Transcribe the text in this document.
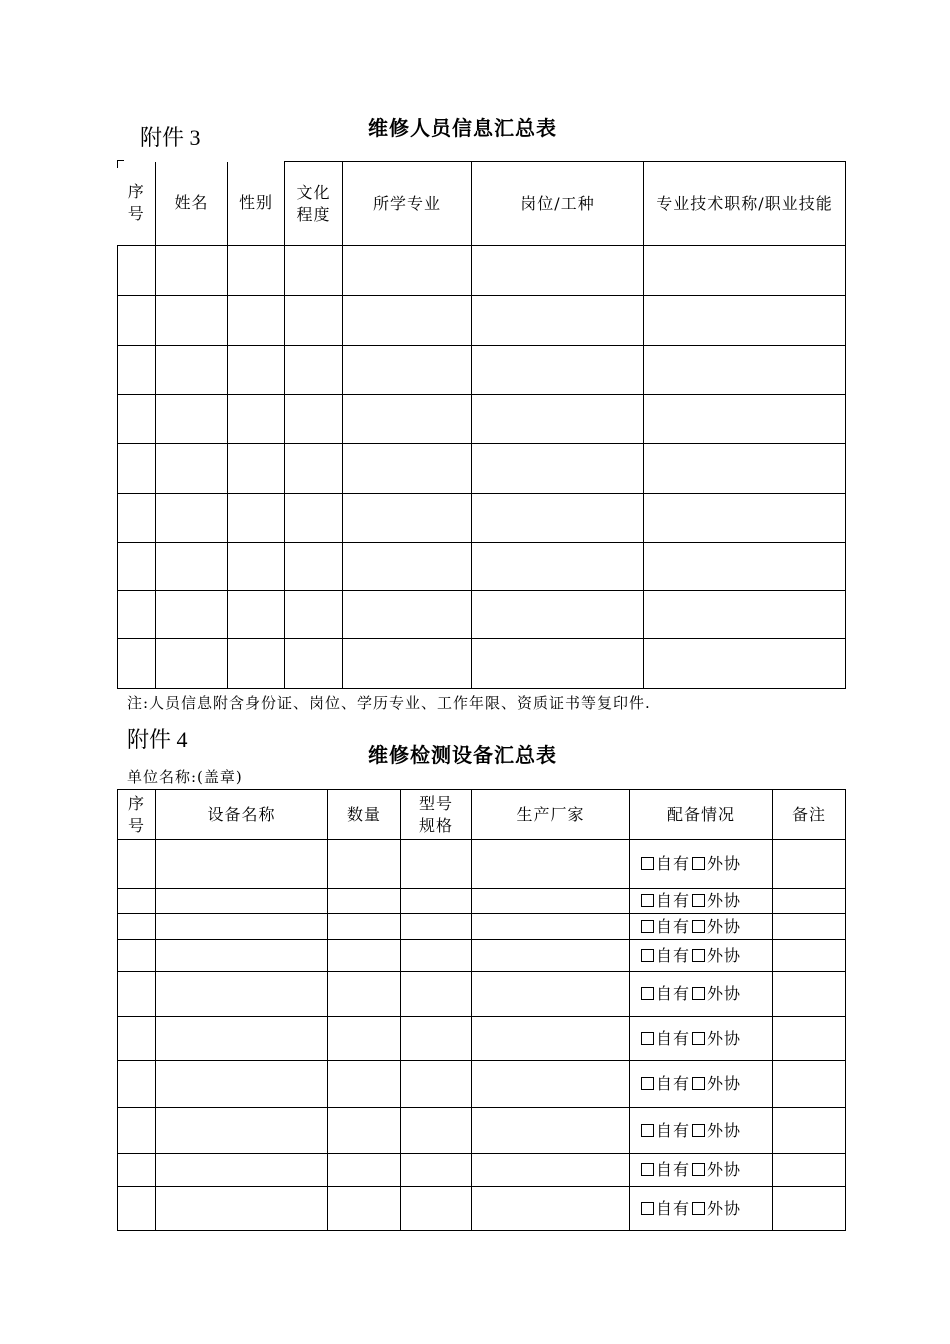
附件 3	维修人员信息汇总表
序号	姓名	性别	文化程度	所学专业	岗位/工种	专业技术职称/职业技能

注:人员信息附含身份证、岗位、学历专业、工作年限、资质证书等复印件.
附件 4
维修检测设备汇总表
单位名称:(盖章)
序号	设备名称	数量	型号规格	生产厂家	配备情况	备注
					自有 外协	
					自有 外协	
					自有 外协	
					自有 外协	
					自有 外协	
					自有 外协	
					自有 外协	
					自有 外协	
					自有 外协	
					自有 外协	
